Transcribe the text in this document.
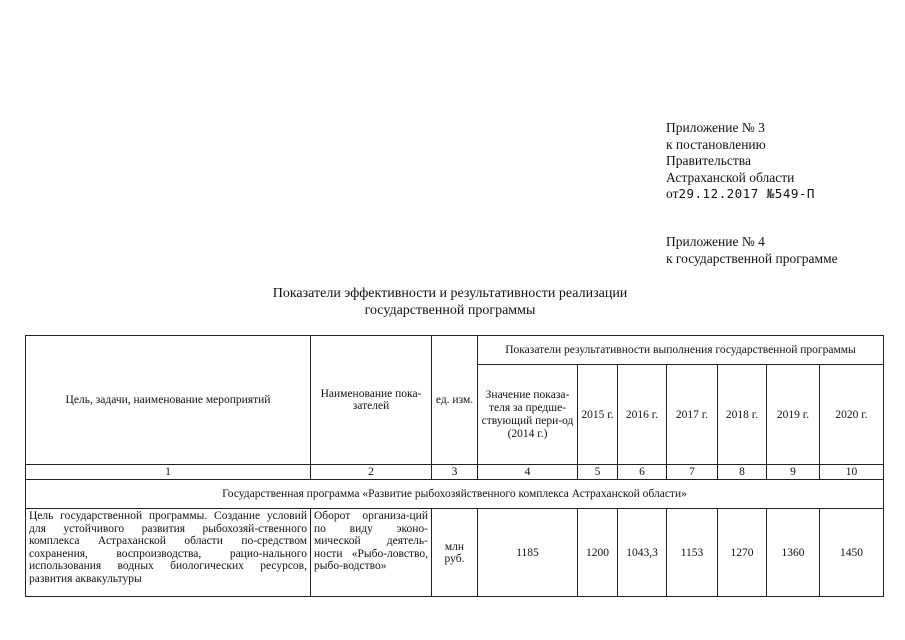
Приложение № 3
к постановлению
Правительства
Астраханской области
от29.12.2017 №549-П
Приложение № 4
к государственной программе
Показатели эффективности и результативности реализации
государственной программы
Цель, задачи, наименование мероприятий	Наименование пока-зателей	ед. изм.	Показатели результативности выполнения государственной программы						
			Значение показа-теля за предше-ствующий пери-од (2014 г.)	2015 г.	2016 г.	2017 г.	2018 г.	2019 г.	2020 г.
1	2	3	4	5	6	7	8	9	10
Государственная программа «Развитие рыбохозяйственного комплекса Астраханской области»									
Цель государственной программы. Создание условий для устойчивого развития рыбохозяй-ственного комплекса Астраханской области по-средством сохранения, воспроизводства, рацио-нального использования водных биологических ресурсов, развития аквакультуры	Оборот организа-ций по виду эконо-мической деятель-ности «Рыбо-ловство, рыбо-водство»	млн руб.	1185	1200	1043,3	1153	1270	1360	1450
